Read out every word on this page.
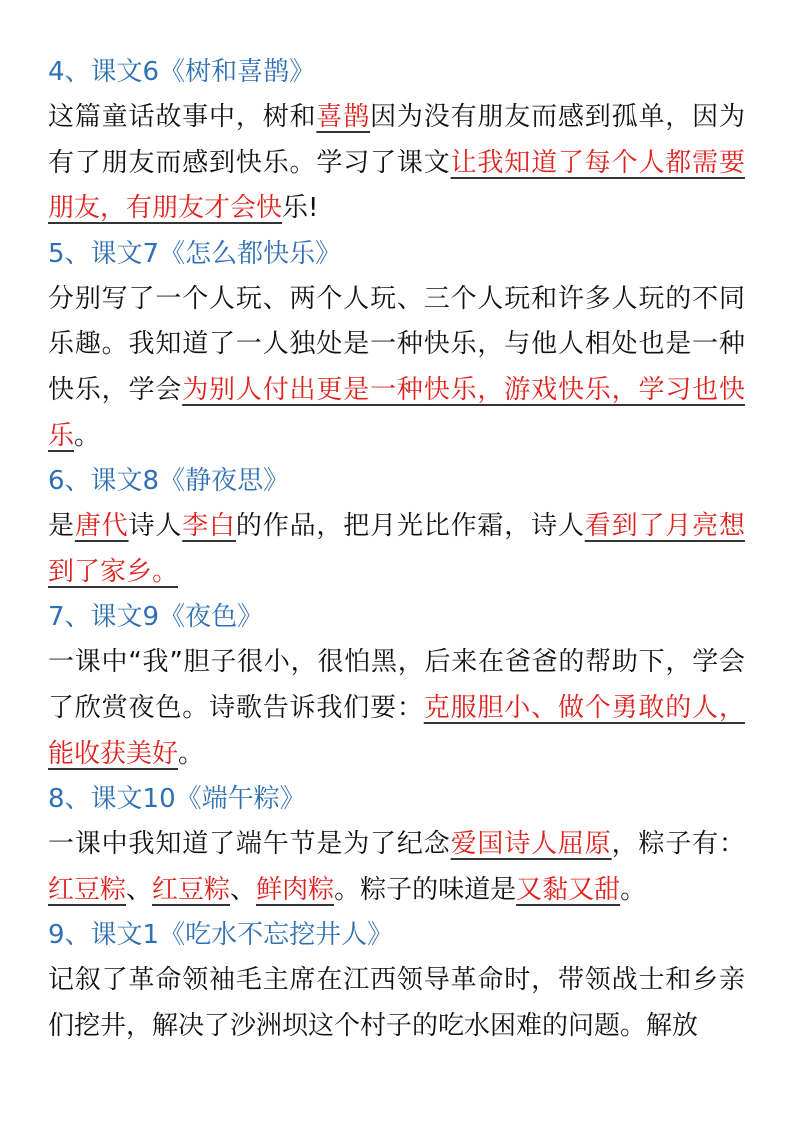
4、课文6《树和喜鹊》
这篇童话故事中，树和喜鹊因为没有朋友而感到孤单，因为有了朋友而感到快乐。学习了课文让我知道了每个人都需要朋友，有朋友才会快乐!
5、课文7《怎么都快乐》
分别写了一个人玩、两个人玩、三个人玩和许多人玩的不同乐趣。我知道了一人独处是一种快乐，与他人相处也是一种快乐，学会为别人付出更是一种快乐，游戏快乐，学习也快乐。
6、课文8《静夜思》
是唐代诗人李白的作品，把月光比作霜，诗人看到了月亮想到了家乡。
7、课文9《夜色》
一课中“我”胆子很小，很怕黑，后来在爸爸的帮助下，学会了欣赏夜色。诗歌告诉我们要：克服胆小、做个勇敢的人，能收获美好。
8、课文10《端午粽》
一课中我知道了端午节是为了纪念爱国诗人屈原，粽子有：红豆粽、红豆粽、鲜肉粽。粽子的味道是又黏又甜。
9、课文1《吃水不忘挖井人》
记叙了革命领袖毛主席在江西领导革命时，带领战士和乡亲们挖井，解决了沙洲坝这个村子的吃水困难的问题。解放
